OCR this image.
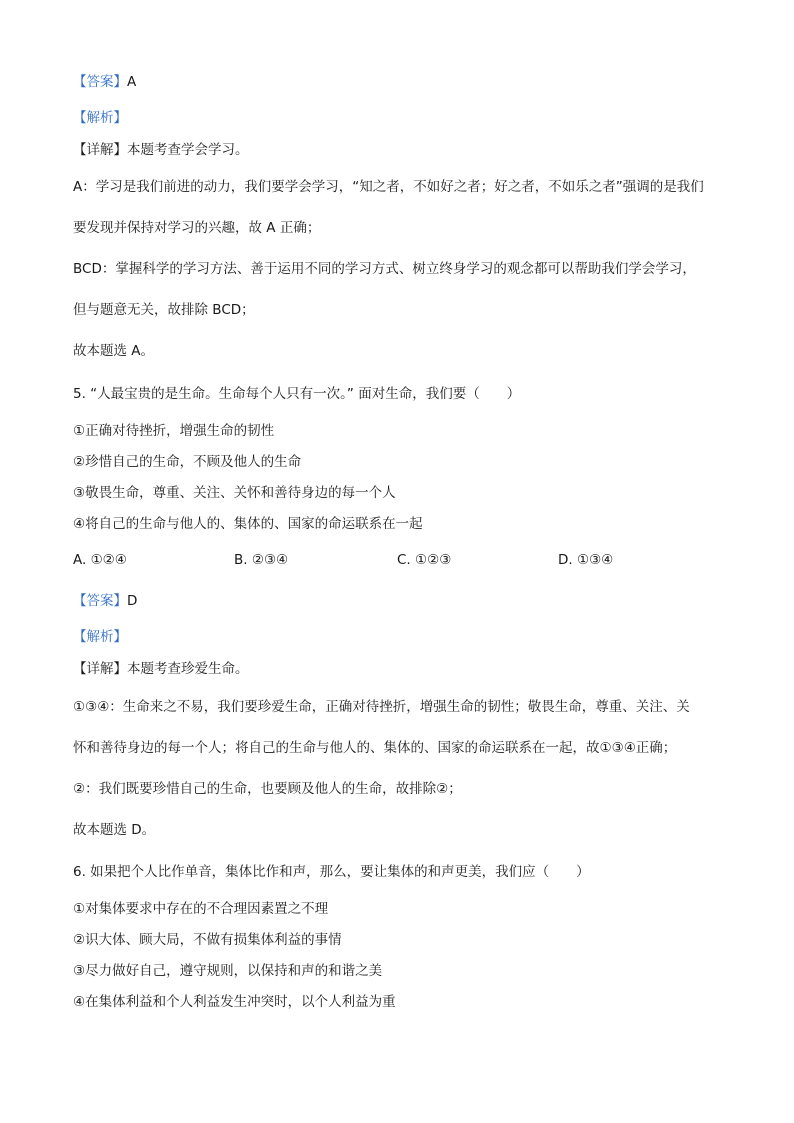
【答案】A
【解析】
【详解】本题考查学会学习。
A：学习是我们前进的动力，我们要学会学习，“知之者，不如好之者；好之者，不如乐之者”强调的是我们
要发现并保持对学习的兴趣，故 A 正确；
BCD：掌握科学的学习方法、善于运用不同的学习方式、树立终身学习的观念都可以帮助我们学会学习，
但与题意无关，故排除 BCD；
故本题选 A。
5. “人最宝贵的是生命。生命每个人只有一次。” 面对生命，我们要（　　）
①正确对待挫折，增强生命的韧性
②珍惜自己的生命，不顾及他人的生命
③敬畏生命，尊重、关注、关怀和善待身边的每一个人
④将自己的生命与他人的、集体的、国家的命运联系在一起
A. ①②④	B. ②③④	C. ①②③	D. ①③④
【答案】D
【解析】
【详解】本题考查珍爱生命。
①③④：生命来之不易，我们要珍爱生命，正确对待挫折，增强生命的韧性；敬畏生命，尊重、关注、关
怀和善待身边的每一个人；将自己的生命与他人的、集体的、国家的命运联系在一起，故①③④正确；
②：我们既要珍惜自己的生命，也要顾及他人的生命，故排除②；
故本题选 D。
6. 如果把个人比作单音，集体比作和声，那么，要让集体的和声更美，我们应（　　）
①对集体要求中存在的不合理因素置之不理
②识大体、顾大局，不做有损集体利益的事情
③尽力做好自己，遵守规则，以保持和声的和谐之美
④在集体利益和个人利益发生冲突时，以个人利益为重
